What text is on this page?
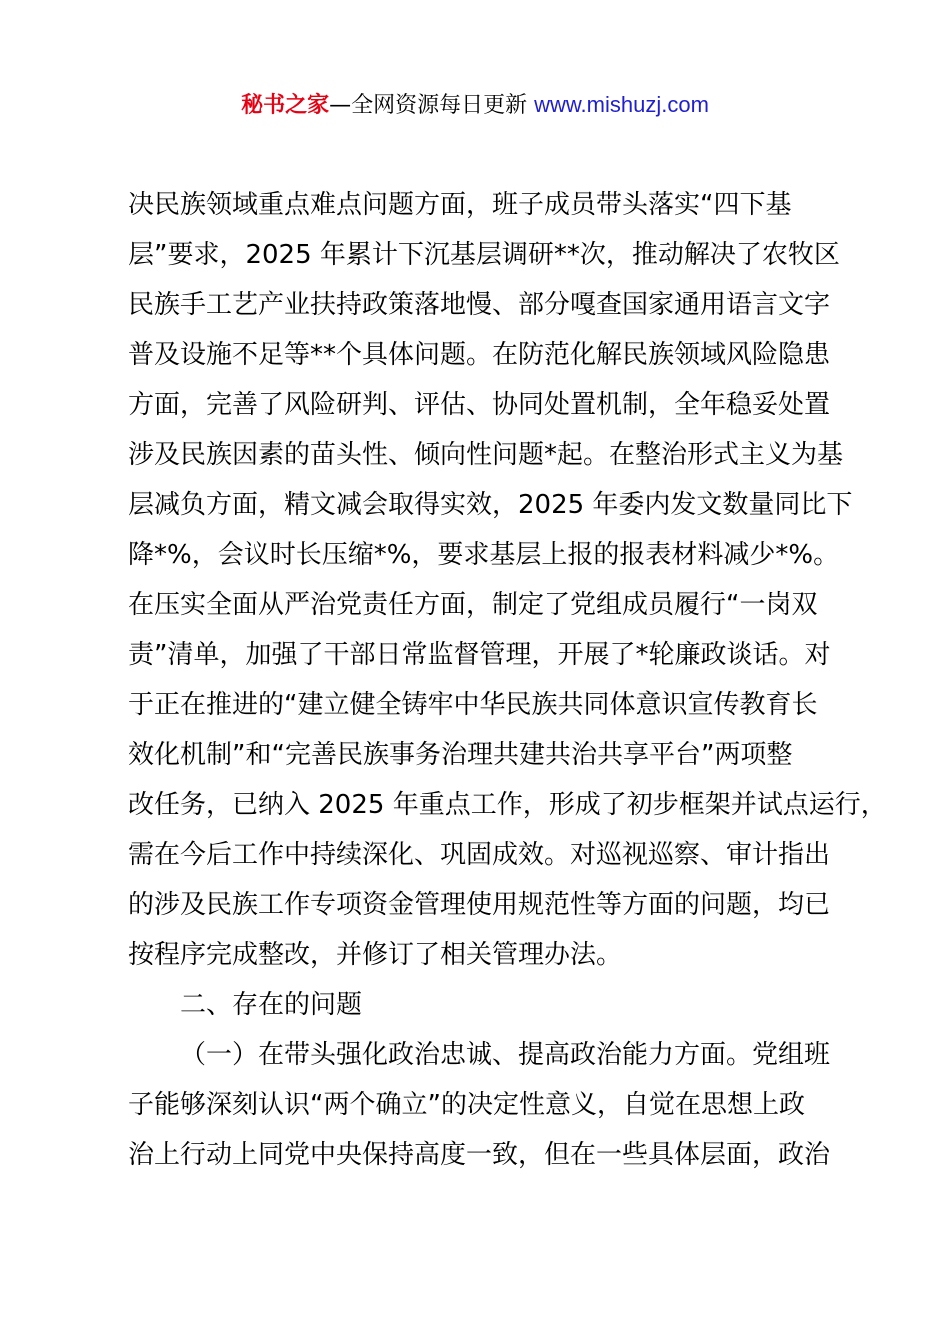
秘书之家—全网资源每日更新 www.mishuzj.com
决民族领域重点难点问题方面，班子成员带头落实“四下基
层”要求，2025 年累计下沉基层调研**次，推动解决了农牧区
民族手工艺产业扶持政策落地慢、部分嘎查国家通用语言文字
普及设施不足等**个具体问题。在防范化解民族领域风险隐患
方面，完善了风险研判、评估、协同处置机制，全年稳妥处置
涉及民族因素的苗头性、倾向性问题*起。在整治形式主义为基
层减负方面，精文减会取得实效，2025 年委内发文数量同比下
降*%，会议时长压缩*%，要求基层上报的报表材料减少*%。
在压实全面从严治党责任方面，制定了党组成员履行“一岗双
责”清单，加强了干部日常监督管理，开展了*轮廉政谈话。对
于正在推进的“建立健全铸牢中华民族共同体意识宣传教育长
效化机制”和“完善民族事务治理共建共治共享平台”两项整
改任务，已纳入 2025 年重点工作，形成了初步框架并试点运行，
需在今后工作中持续深化、巩固成效。对巡视巡察、审计指出
的涉及民族工作专项资金管理使用规范性等方面的问题，均已
按程序完成整改，并修订了相关管理办法。
二、存在的问题
（一）在带头强化政治忠诚、提高政治能力方面。党组班
子能够深刻认识“两个确立”的决定性意义，自觉在思想上政
治上行动上同党中央保持高度一致，但在一些具体层面，政治
